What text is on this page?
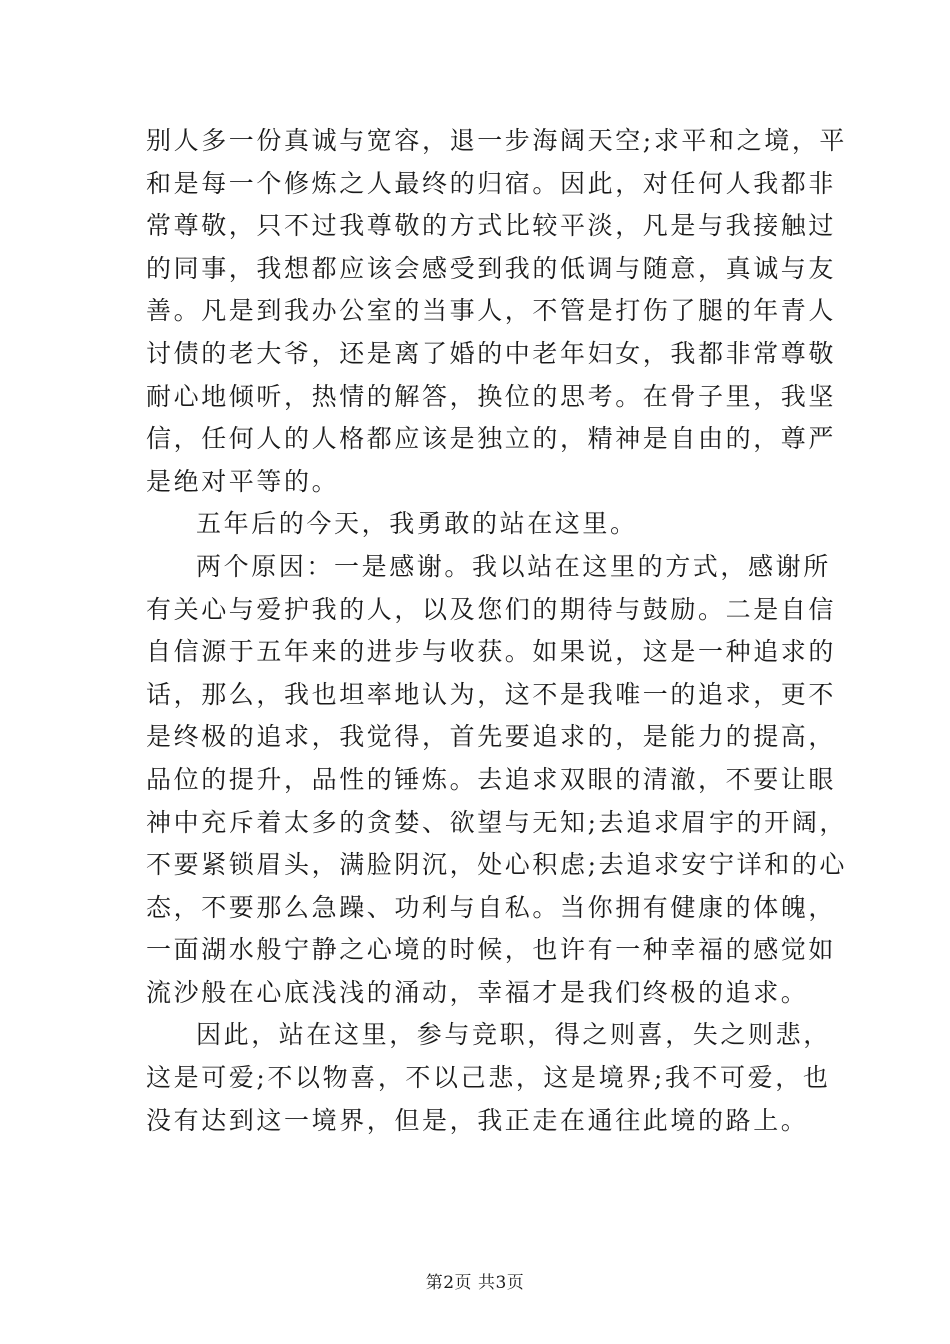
别人多一份真诚与宽容，退一步海阔天空;求平和之境，平
和是每一个修炼之人最终的归宿。因此，对任何人我都非
常尊敬，只不过我尊敬的方式比较平淡，凡是与我接触过
的同事，我想都应该会感受到我的低调与随意，真诚与友
善。凡是到我办公室的当事人，不管是打伤了腿的年青人
讨债的老大爷，还是离了婚的中老年妇女，我都非常尊敬
耐心地倾听，热情的解答，换位的思考。在骨子里，我坚
信，任何人的人格都应该是独立的，精神是自由的，尊严
是绝对平等的。
五年后的今天，我勇敢的站在这里。
两个原因：一是感谢。我以站在这里的方式，感谢所
有关心与爱护我的人，以及您们的期待与鼓励。二是自信
自信源于五年来的进步与收获。如果说，这是一种追求的
话，那么，我也坦率地认为，这不是我唯一的追求，更不
是终极的追求，我觉得，首先要追求的，是能力的提高，
品位的提升，品性的锤炼。去追求双眼的清澈，不要让眼
神中充斥着太多的贪婪、欲望与无知;去追求眉宇的开阔，
不要紧锁眉头，满脸阴沉，处心积虑;去追求安宁详和的心
态，不要那么急躁、功利与自私。当你拥有健康的体魄，
一面湖水般宁静之心境的时候，也许有一种幸福的感觉如
流沙般在心底浅浅的涌动，幸福才是我们终极的追求。
因此，站在这里，参与竞职，得之则喜，失之则悲，
这是可爱;不以物喜，不以己悲，这是境界;我不可爱，也
没有达到这一境界，但是，我正走在通往此境的路上。
第2页 共3页
